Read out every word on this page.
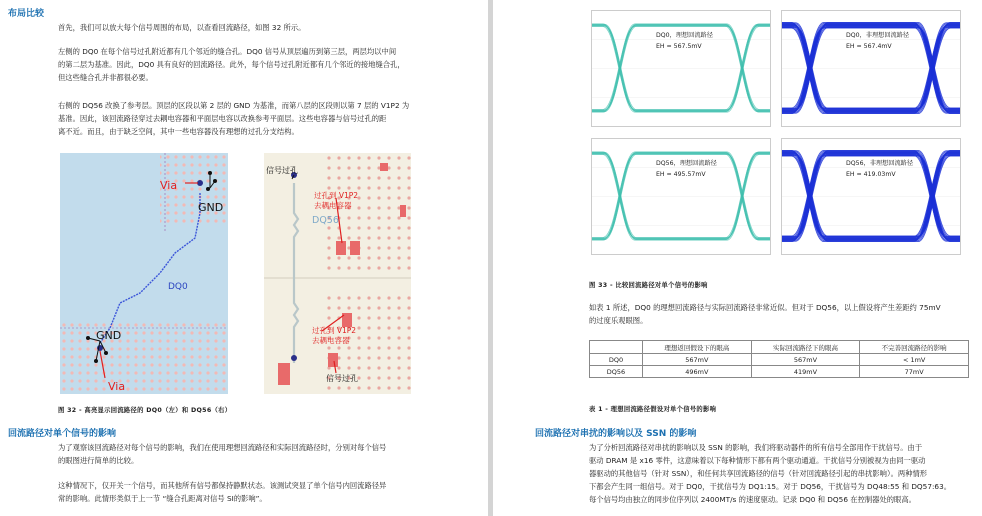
布局比较
首先，我们可以放大每个信号周围的布局，以查看回流路径，如图 32 所示。
左侧的 DQ0 在每个信号过孔附近都有几个邻近的缝合孔。DQ0 信号从顶层遍历到第三层，两层均以中间
的第二层为基准。因此，DQ0 具有良好的回流路径。此外，每个信号过孔附近都有几个邻近的接地缝合孔，
但这些缝合孔并非都很必要。
右侧的 DQ56 改换了参考层。顶层的区段以第 2 层的 GND 为基准，而第八层的区段则以第 7 层的 V1P2 为
基准。因此，该回流路径穿过去耦电容器和平面层电容以改换参考平面层。这些电容器与信号过孔的距
离不近。而且，由于缺乏空间，其中一些电容器没有理想的过孔分支结构。
Via
GND
DQ0
GND
Via
信号过孔
过孔到 V1P2
去耦电容器
DQ56
过孔到 V1P2
去耦电容器
信号过孔
图 32 - 高亮显示回流路径的 DQ0（左）和 DQ56（右）
回流路径对单个信号的影响
为了观察该回流路径对每个信号的影响，我们在使用理想回流路径和实际回流路径时，分别对每个信号
的眼图进行简单的比较。
这种情况下，仅开关一个信号，而其他所有信号都保持静默状态。该测试突显了单个信号内回流路径异
常的影响。此情形类似于上一节 “缝合孔距离对信号 SI的影响”。
DQ0，理想回流路径
EH = 567.5mV
DQ0，非理想回流路径
EH = 567.4mV
DQ56，理想回流路径
EH = 495.57mV
DQ56，非理想回流路径
EH = 419.03mV
图 33 - 比较回流路径对单个信号的影响
如表 1 所述，DQ0 的理想回流路径与实际回流路径非常近似。但对于 DQ56，以上假设将产生差距约 75mV
的过度乐观眼图。
	理想返回假设下的眼高	实际回流路径下的眼高	不完善回流路径的影响
DQ0	567mV	567mV	< 1mV
DQ56	496mV	419mV	77mV
表 1 - 理想回流路径假设对单个信号的影响
回流路径对串扰的影响以及 SSN 的影响
为了分析回流路径对串扰的影响以及 SSN 的影响，我们将驱动器件的所有信号全部用作干扰信号。由于
驱动 DRAM 是 x16 零件，这意味着以下每种情形下都有两个驱动通道。干扰信号分别被视为由同一驱动
器驱动的其他信号（针对 SSN），和任何共享回流路径的信号（针对回流路径引起的串扰影响）。两种情形
下都会产生同一组信号。对于 DQ0，干扰信号为 DQ1:15。对于 DQ56，干扰信号为 DQ48:55 和 DQ57:63。
每个信号均由独立的同步位序列以 2400MT/s 的速度驱动。记录 DQ0 和 DQ56 在控制器处的眼高。
